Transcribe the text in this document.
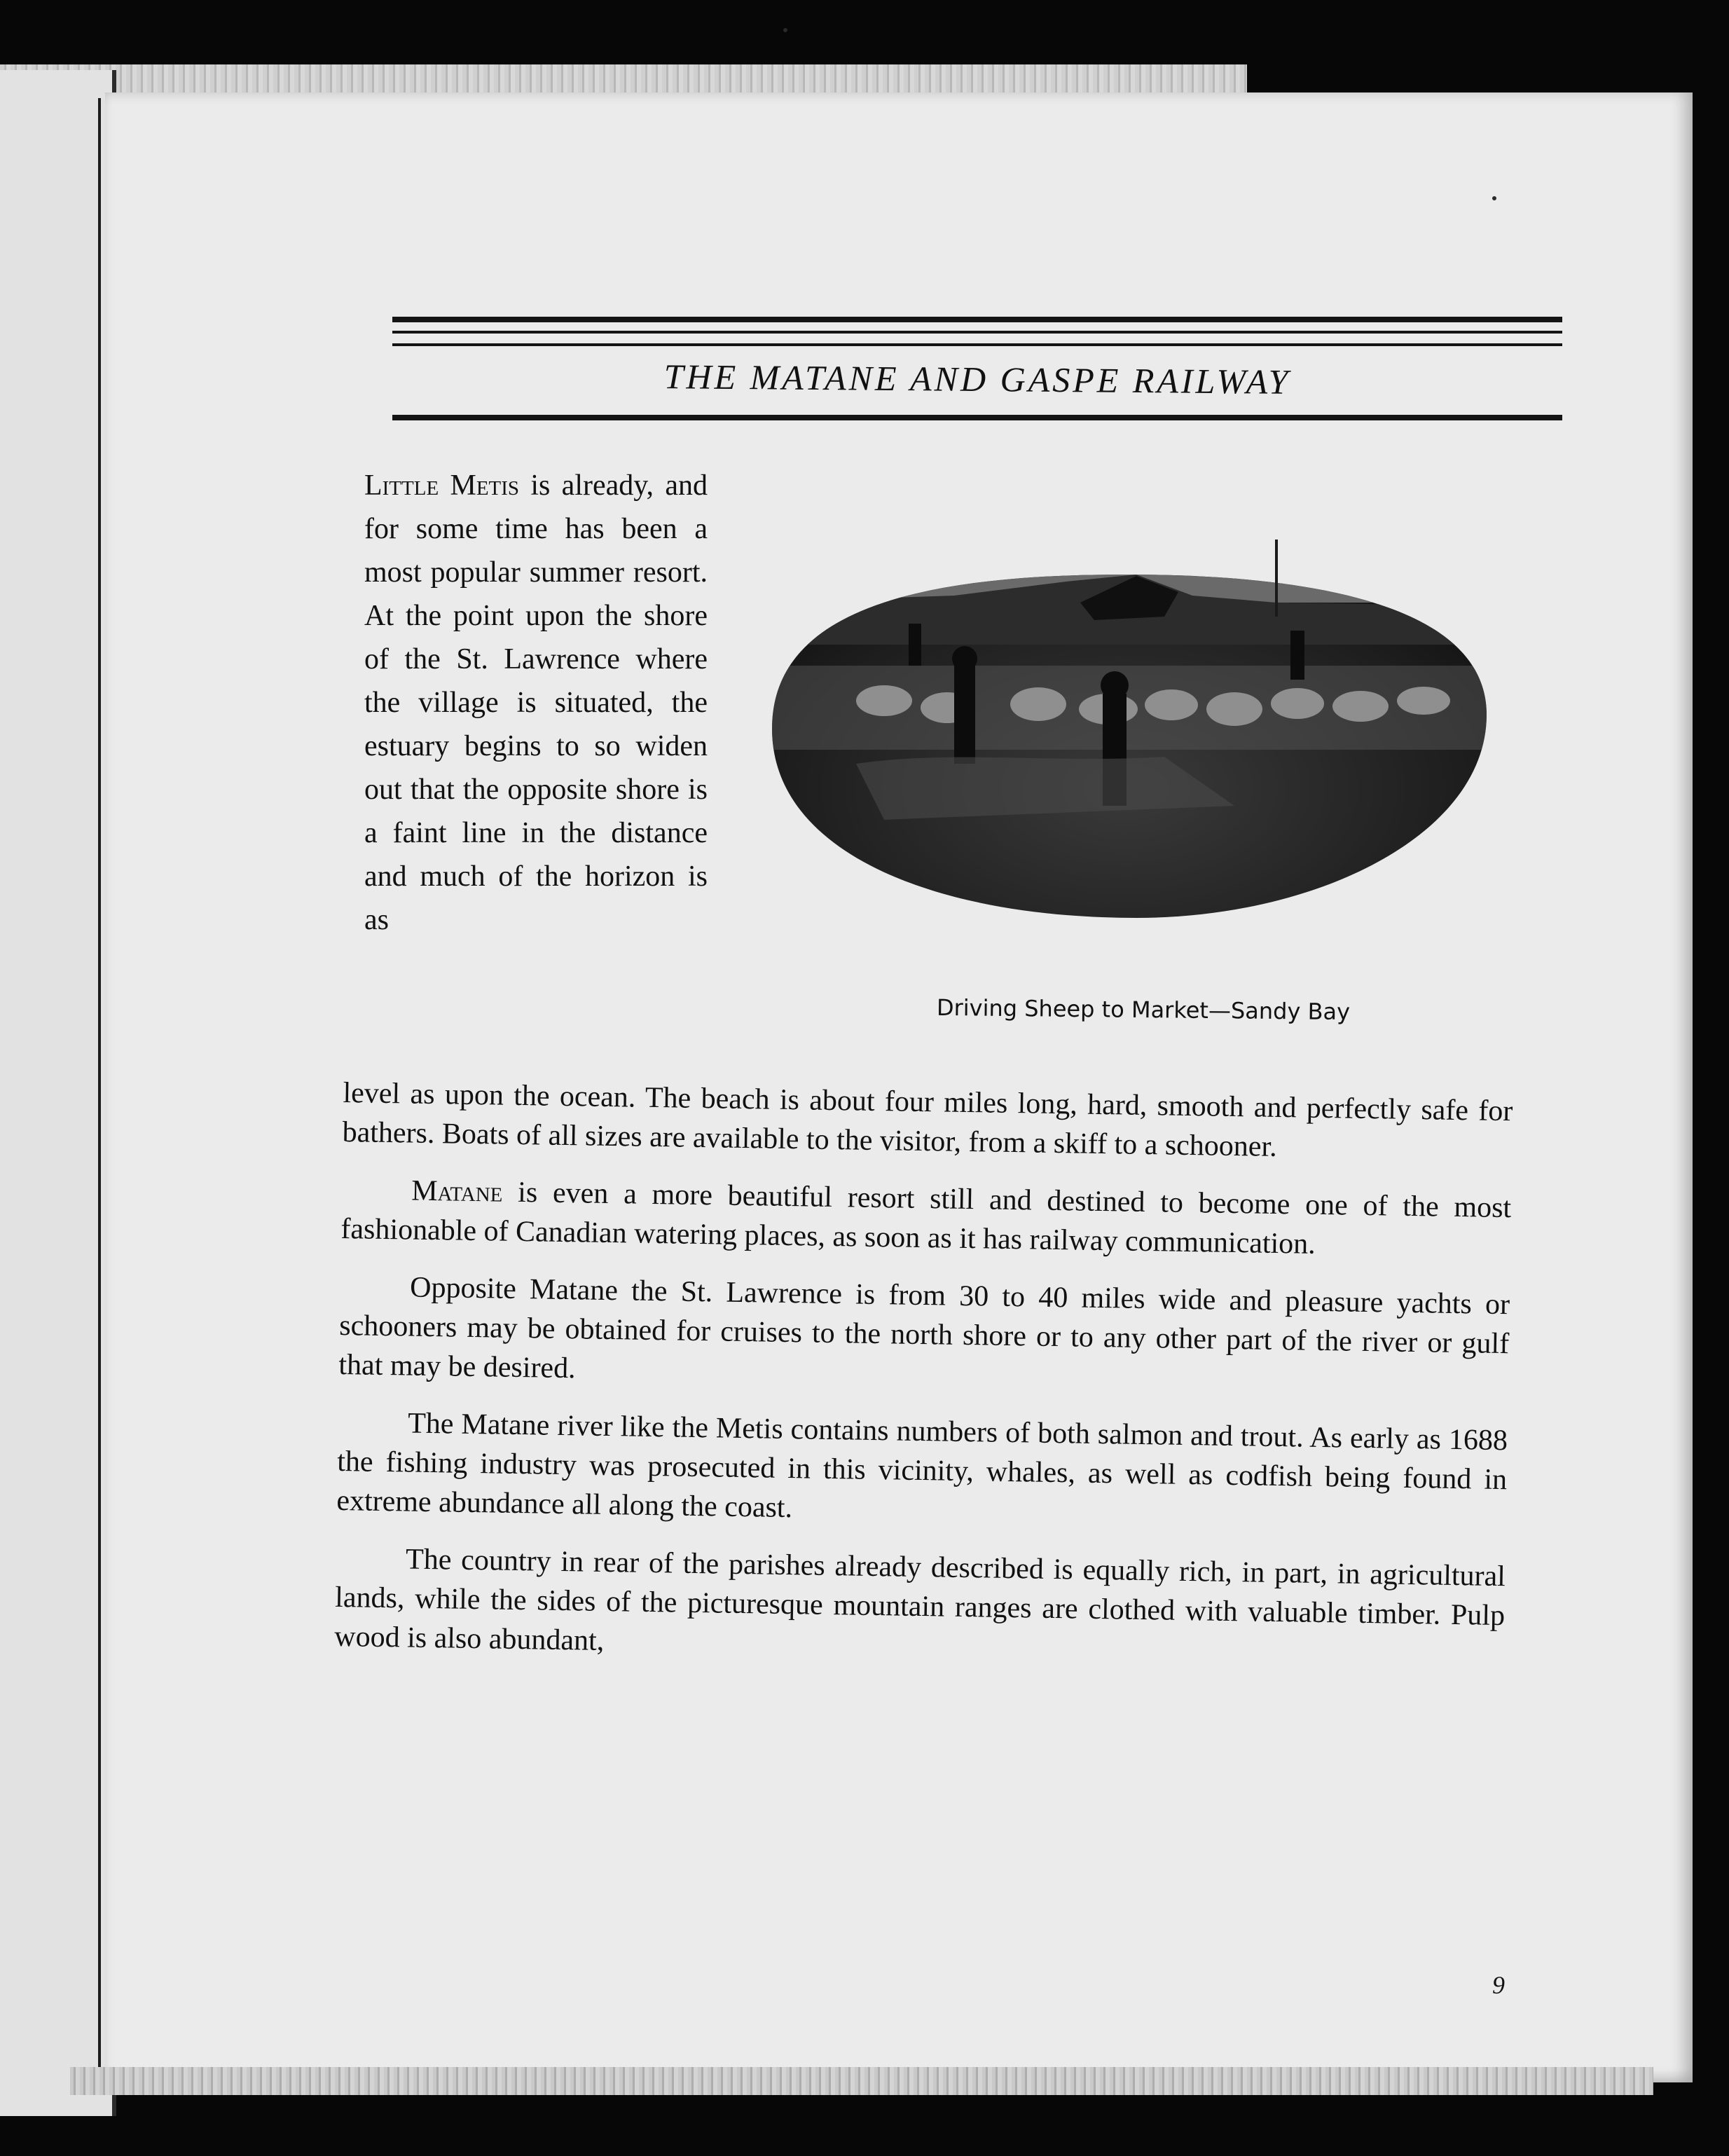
THE MATANE AND GASPE RAILWAY
Little Metis is already, and for some time has been a most popular summer resort. At the point upon the shore of the St. Lawrence where the village is situated, the estuary begins to so widen out that the opposite shore is a faint line in the distance and much of the horizon is as
Driving Sheep to Market—Sandy Bay

level as upon the ocean. The beach is about four miles long, hard, smooth and perfectly safe for bathers. Boats of all sizes are available to the visitor, from a skiff to a schooner.

Matane is even a more beautiful resort still and destined to become one of the most fashionable of Canadian watering places, as soon as it has railway communication.

Opposite Matane the St. Lawrence is from 30 to 40 miles wide and pleasure yachts or schooners may be obtained for cruises to the north shore or to any other part of the river or gulf that may be desired.

The Matane river like the Metis contains numbers of both salmon and trout. As early as 1688 the fishing industry was prosecuted in this vicinity, whales, as well as codfish being found in extreme abundance all along the coast.

The country in rear of the parishes already described is equally rich, in part, in agricultural lands, while the sides of the picturesque mountain ranges are clothed with valuable timber. Pulp wood is also abundant,

9
